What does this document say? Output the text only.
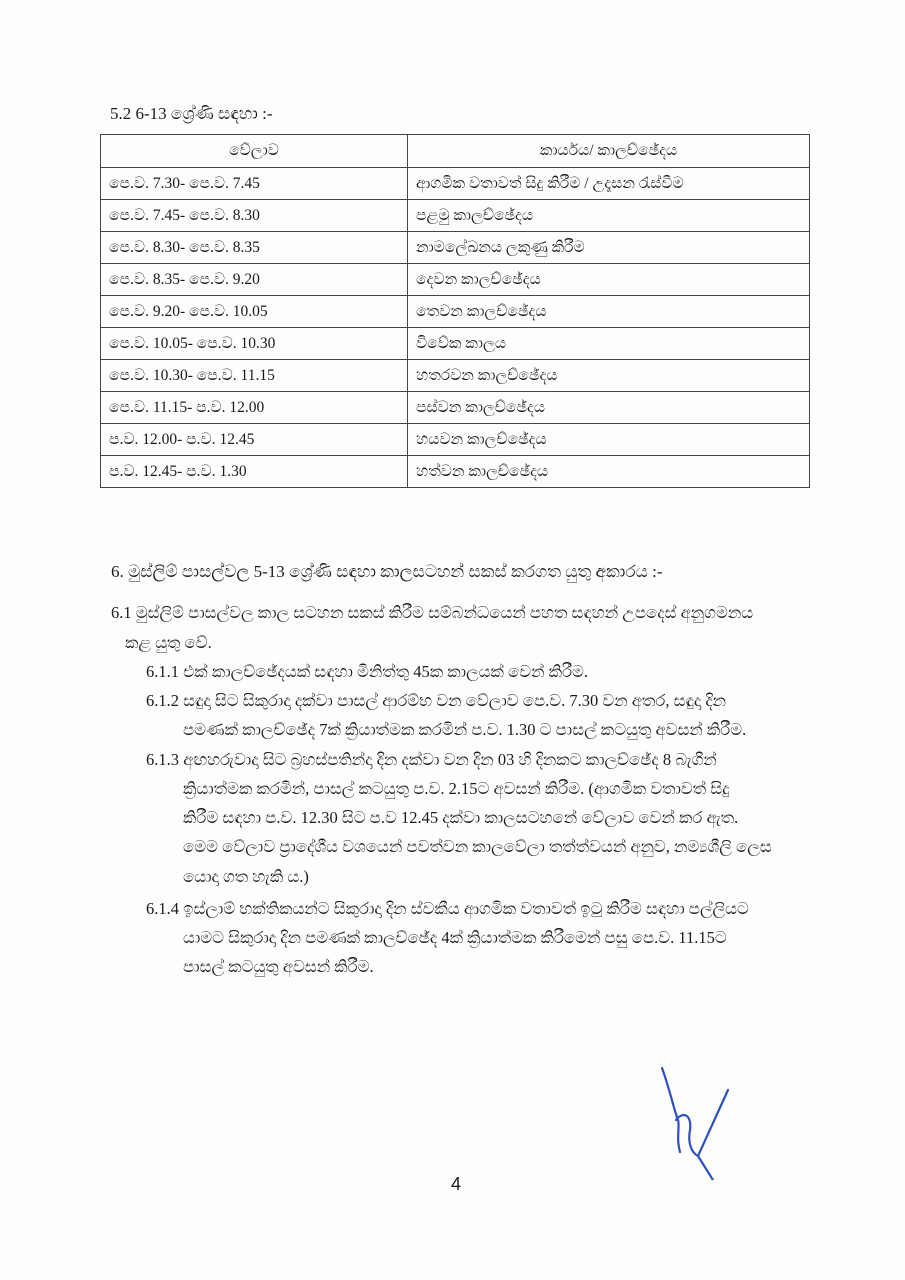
5.2 6-13 ශ්‍රේණි සඳහා :-
වේලාව	කාර්යය/ කාලච්ඡේදය
පෙ.ව. 7.30- පෙ.ව. 7.45	ආගමික වතාවත් සිදු කිරීම / උදෑසන රැස්වීම
පෙ.ව. 7.45- පෙ.ව. 8.30	පළමු කාලච්ඡේදය
පෙ.ව. 8.30- පෙ.ව. 8.35	නාමලේඛනය ලකුණු කිරීම
පෙ.ව. 8.35- පෙ.ව. 9.20	දෙවන කාලච්ඡේදය
පෙ.ව. 9.20- පෙ.ව. 10.05	තෙවන කාලච්ඡේදය
පෙ.ව. 10.05- පෙ.ව. 10.30	විවේක කාලය
පෙ.ව. 10.30- පෙ.ව. 11.15	හතරවන කාලච්ඡේදය
පෙ.ව. 11.15- ප.ව. 12.00	පස්වන කාලච්ඡේදය
ප.ව. 12.00- ප.ව. 12.45	හයවන කාලච්ඡේදය
ප.ව. 12.45- ප.ව. 1.30	හත්වන කාලච්ඡේදය
6. මුස්ලිම් පාසල්වල 5-13 ශ්‍රේණි සඳහා කාලසටහන් සකස් කරගත යුතු අකාරය :-
6.1 මුස්ලිම් පාසල්වල කාල සටහන සකස් කිරීම සම්බන්ධයෙන් පහත සඳහන් උපදෙස් අනුගමනය
කළ යුතු වේ.
6.1.1 එක් කාලච්ඡේදයක් සඳහා මිනිත්තු 45ක කාලයක් වෙන් කිරීම.
6.1.2 සඳුදා සිට සිකුරාදා දක්වා පාසල් ආරම්භ වන වේලාව පෙ.ව. 7.30 වන අතර, සඳුදා දින
පමණක් කාලච්ඡේද 7ක් ක්‍රියාත්මක කරමින් ප.ව. 1.30 ට පාසල් කටයුතු අවසන් කිරීම.
6.1.3 අඟහරුවාදා සිට බ්‍රහස්පතින්දා දින දක්වා වන දින 03 හි දිනකට කාලච්ඡේද 8 බැගින්
ක්‍රියාත්මක කරමින්, පාසල් කටයුතු ප.ව. 2.15ට අවසන් කිරීම. (ආගමික වතාවත් සිදු
කිරීම සඳහා ප.ව. 12.30 සිට ප.ව 12.45 දක්වා කාලසටහනේ වේලාව වෙන් කර ඇත.
මෙම වේලාව ප්‍රාදේශීය වශයෙන් පවත්වන කාලවේලා තත්ත්වයන් අනුව, නම්‍යශීලි ලෙස
යොදා ගත හැකි ය.)
6.1.4 ඉස්ලාම් භක්තිකයන්ට සිකුරාදා දින ස්වකීය ආගමික වතාවත් ඉටු කිරීම සඳහා පල්ලියට
යාමට සිකුරාදා දින පමණක් කාලච්ඡේද 4ක් ක්‍රියාත්මක කිරීමෙන් පසු පෙ.ව. 11.15ට
පාසල් කටයුතු අවසන් කිරීම.
4
